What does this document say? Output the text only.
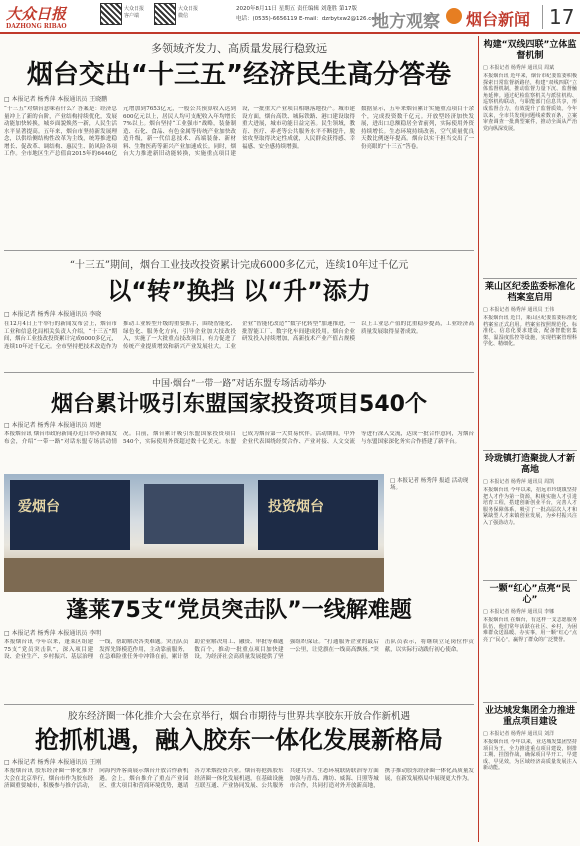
大众日报
DAZHONG RIBAO
大众日报 客户端
大众日报 微信
2020年8月11日 星期五 责任编辑 刘蓬胜 第17版
电话：(0535)-6656119 E-mail：dzrbytxw2@126.com
地方观察 烟台新闻 17
多领域齐发力、高质量发展行稳致远
烟台交出“十三五”经济民生高分答卷
□ 本报记者 杨秀萍 本报通讯员 王晓鹏

“十三五”对烟台意味着什么？答案是：经济总量冲上了新的台阶，产业结构持续优化，发展动能加快转换，城乡面貌焕然一新，人民生活水平显著提高。五年来，烟台市坚持新发展理念，以供给侧结构性改革为主线，统筹推进稳增长、促改革、调结构、惠民生、防风险各项工作。全市地区生产总值由2015年的6446亿元增加到7653亿元，一般公共预算收入达到600亿元以上，居民人均可支配收入年均增长7%以上。烟台坚持“工业强市”战略，装备制造、石化、食品、有色金属等传统产业加快改造升级，新一代信息技术、高端装备、新材料、生物医药等新兴产业加速成长。同时，烟台大力推进新旧动能转换，实施重点项目建设，一批重大产业项目相继落地投产。城市建设方面，烟台高铁、城际铁路、港口建设取得重大进展，城市功能日益完善。民生领域，教育、医疗、养老等公共服务水平不断提升，脱贫攻坚取得决定性成就，人民群众获得感、幸福感、安全感持续增强。

数据显示，五年来烟台累计实施重点项目千余个，完成投资数千亿元。开放型经济加快发展，进出口总额稳居全省前列，实际使用外资持续增长。生态环境持续改善，空气质量优良天数比例逐年提高。烟台以实干担当交出了一份亮眼的“十三五”答卷。

“十三五”期间，烟台工业技改投资累计完成6000多亿元，连续10年过千亿元
以“转”换挡 以“升”添力
□ 本报记者 杨秀萍 本报通讯员 李晓

在12月4日上午举行的新闻发布会上，烟台市工业和信息化局相关负责人介绍，“十三五”期间，烟台工业技改投资累计完成6000多亿元，连续10年过千亿元。全市坚持把技术改造作为推动工业转型升级的重要抓手，围绕智能化、绿色化、服务化方向，引导企业加大技改投入，实施了一大批重点技改项目，有力促进了传统产业提质增效和新兴产业发展壮大。工业企业“智能化改造”“数字化转型”加速推进，一批智能工厂、数字化车间建成投用。烟台企业研发投入持续增加，高新技术产业产值占规模以上工业总产值的比重稳步提高，工业经济高质量发展取得显著成效。

中国·烟台“一带一路”对话东盟专场活动举办
烟台累计吸引东盟国家投资项目540个
□ 本报记者 杨秀萍 本报通讯员 周建

本报烟台讯 烟台市政府新闻办近日举办新闻发布会，介绍“一带一路”对话东盟专场活动情况。目前，烟台累计吸引东盟国家投资项目540个，实际使用外资超过数十亿美元。东盟已成为烟台第一大贸易伙伴。活动期间，中外企业代表围绕经贸合作、产业对接、人文交流等进行深入交流，达成一批合作意向，为烟台与东盟国家深化务实合作搭建了新平台。

爱烟台	投资烟台
□ 本报记者 杨秀萍 报道 活动现场。
蓬莱75支“党员突击队”一线解难题
□ 本报记者 杨秀萍 本报通讯员 李明

本报烟台讯 今年以来，蓬莱区组建75支“党员突击队”，深入项目建设、企业生产、乡村振兴、基层治理一线，帮助解决各类难题。突击队员发挥先锋模范作用，主动靠前服务，在急难险重任务中冲锋在前，累计帮助企业解决用工、融资、审批等难题数百个，推动一批重点项目加快建设，为经济社会高质量发展提供了坚强组织保证。“打通服务企业的最后一公里，让党旗在一线高高飘扬。”突击队员表示，将继续立足岗位作贡献，以实际行动践行初心使命。

胶东经济圈一体化推介大会在京举行，烟台市期待与世界共享胶东开放合作新机遇
抢抓机遇，融入胶东一体化发展新格局
□ 本报记者 杨秀萍 本报通讯员 王刚

本报烟台讯 胶东经济圈一体化推介大会在北京举行，烟台市作为胶东经济圈重要城市，积极参与推介活动，向海内外客商展示烟台开放合作新机遇。会上，烟台推介了重点产业园区、重大项目和营商环境优势，邀请各方来烟投资兴业。烟台将抢抓胶东经济圈一体化发展机遇，在基础设施互联互通、产业协同发展、公共服务共建共享、生态环境联防联治等方面加强与青岛、潍坊、威海、日照等城市合作，共同打造对外开放新高地，携手推动胶东经济圈一体化高质量发展，在新发展格局中展现更大作为。

构建“双线四联”立体监督机制
□ 本报记者 杨秀萍 通讯员 周斌
本报烟台讯 近年来，烟台市纪委监委积极探索日常监督新路径，构建“双线四联”立体监督机制，推动监督力量下沉、监督触角延伸。通过纪检监察机关与派驻机构、巡察机构联动，与职能部门信息共享，形成监督合力，有效提升了监督质效。今年以来，全市共发现问题线索数百条，立案审查调查一批典型案件，推动全面从严治党向纵深发展。
莱山区纪委监委标准化档案室启用
□ 本报记者 杨秀萍 通讯员 王伟
本报烟台讯 近日，莱山区纪委监委标准化档案室正式启用。档案室按照规范化、标准化、信息化要求建设，配备智能密集架、温湿度监控等设施，实现档案管理科学化、精细化。
玲珑镇打造聚拢人才新高地
□ 本报记者 杨秀萍 通讯员 周凯
本报烟台讯 今年以来，招远市玲珑镇坚持把人才作为第一资源，积极实施人才引进培育工程，搭建创新创业平台，完善人才服务保障体系，吸引了一批高层次人才和紧缺型人才来镇创业发展，为乡村振兴注入了强劲动力。
一颗“红心”点亮“民心”
□ 本报记者 杨秀萍 通讯员 李娜
本报烟台讯 在烟台，有这样一支志愿服务队伍，他们常年活跃在社区、乡村，为困难群众送温暖、办实事，用一颗“红心”点亮了“民心”，赢得了群众的广泛赞誉。
业达城发集团全力推进重点项目建设
□ 本报记者 杨秀萍 通讯员 刘洋
本报烟台讯 今年以来，业达城发集团坚持项目为王，全力推进重点项目建设，倒排工期、挂图作战，确保项目早开工、早建成、早见效，为区域经济高质量发展注入新动能。
